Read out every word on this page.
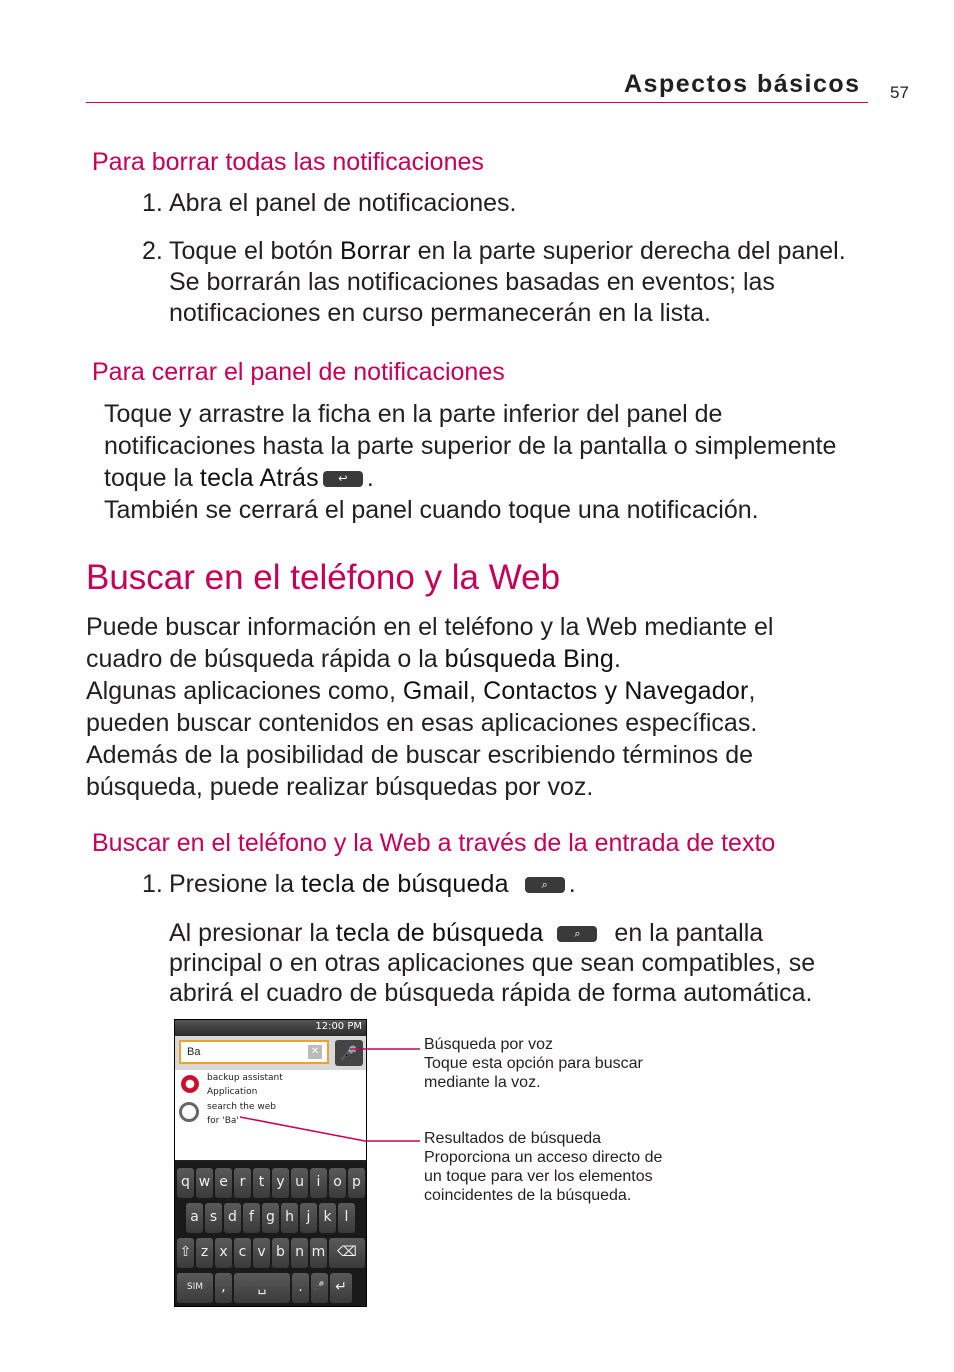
Aspectos básicos 57
Para borrar todas las notificaciones
1. Abra el panel de notificaciones.
2. Toque el botón Borrar en la parte superior derecha del panel.
Se borrarán las notificaciones basadas en eventos; las
notificaciones en curso permanecerán en la lista.
Para cerrar el panel de notificaciones
Toque y arrastre la ficha en la parte inferior del panel de
notificaciones hasta la parte superior de la pantalla o simplemente
toque la tecla Atrás ↩ .
También se cerrará el panel cuando toque una notificación.
Buscar en el teléfono y la Web
Puede buscar información en el teléfono y la Web mediante el
cuadro de búsqueda rápida o la búsqueda Bing.
Algunas aplicaciones como, Gmail, Contactos y Navegador,
pueden buscar contenidos en esas aplicaciones específicas.
Además de la posibilidad de buscar escribiendo términos de
búsqueda, puede realizar búsquedas por voz.
Buscar en el teléfono y la Web a través de la entrada de texto
1. Presione la tecla de búsqueda	⌕ .
Al presionar la tecla de búsqueda	⌕ en la pantalla
principal o en otras aplicaciones que sean compatibles, se
abrirá el cuadro de búsqueda rápida de forma automática.
12:00 PM
Ba	✕	🎤
backup assistant
Application
search the web
for 'Ba'
q w e r t y u i o p
a s d f g h j k l
⇧ z x c v b n m ⌫
SIM	,	␣	.	🎤 ↵
Búsqueda por voz
Toque esta opción para buscar
mediante la voz.
Resultados de búsqueda
Proporciona un acceso directo de
un toque para ver los elementos
coincidentes de la búsqueda.
